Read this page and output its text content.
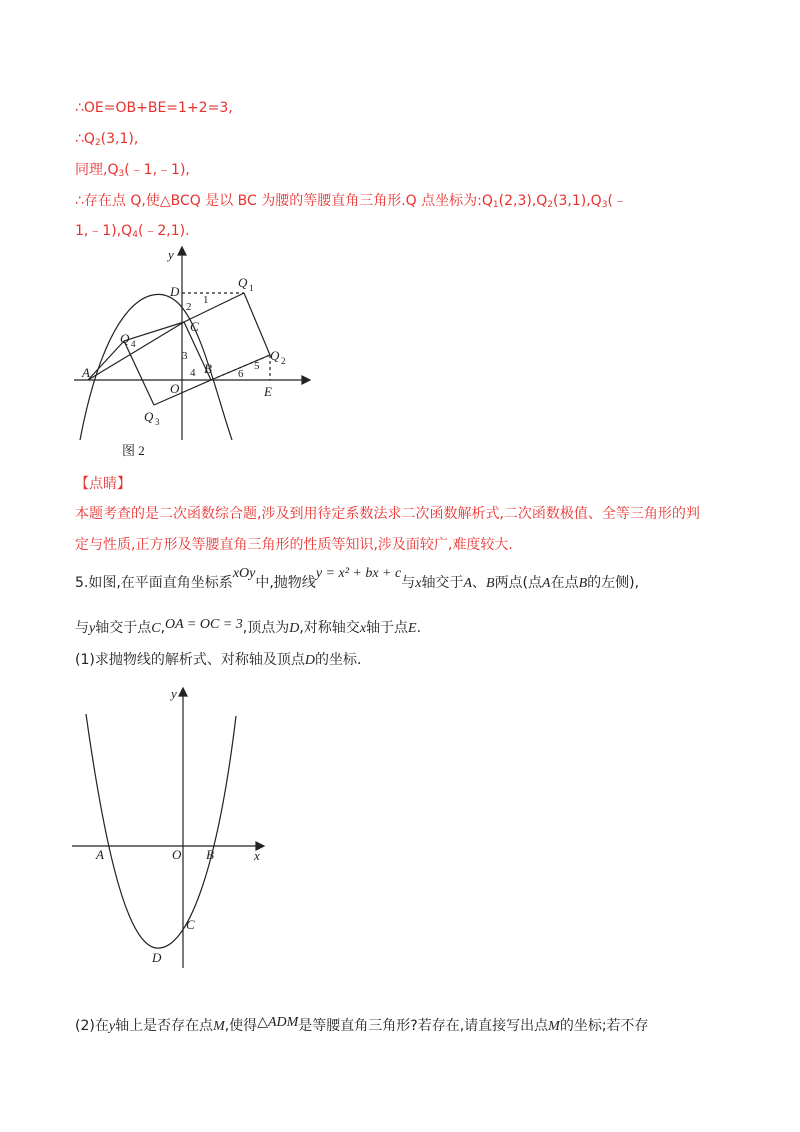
∴OE=OB+BE=1+2=3,
$\therefore Q_2(3,1)$,
同理$,Q_3(﹣1,﹣1)$,
∴存在点 Q,使△BCQ 是以 BC 为腰的等腰直角三角形.Q 点坐标为$:Q_1(2,3),Q_2(3,1),Q_3(﹣$
$1,﹣1),Q_4(﹣2,1)$.
y
D
Q 1
C
Q 4
A
O
B
Q 2
E
Q 3
1
2
3
4
5
6
图 2
【点睛】
本题考查的是二次函数综合题,涉及到用待定系数法求二次函数解析式,二次函数极值、全等三角形的判
定与性质,正方形及等腰直角三角形的性质等知识,涉及面较广,难度较大.
5.如图,在平面直角坐标系xOy中,抛物线y = x² + bx + c与x轴交于A、B两点(点A在点B的左侧),
与y轴交于点C,OA = OC = 3,顶点为D,对称轴交x轴于点E.
(1)求抛物线的解析式、对称轴及顶点D的坐标.
y
x
A	O B
C
D
(2)在y轴上是否存在点M,使得△ADM是等腰直角三角形?若存在,请直接写出点M的坐标;若不存
